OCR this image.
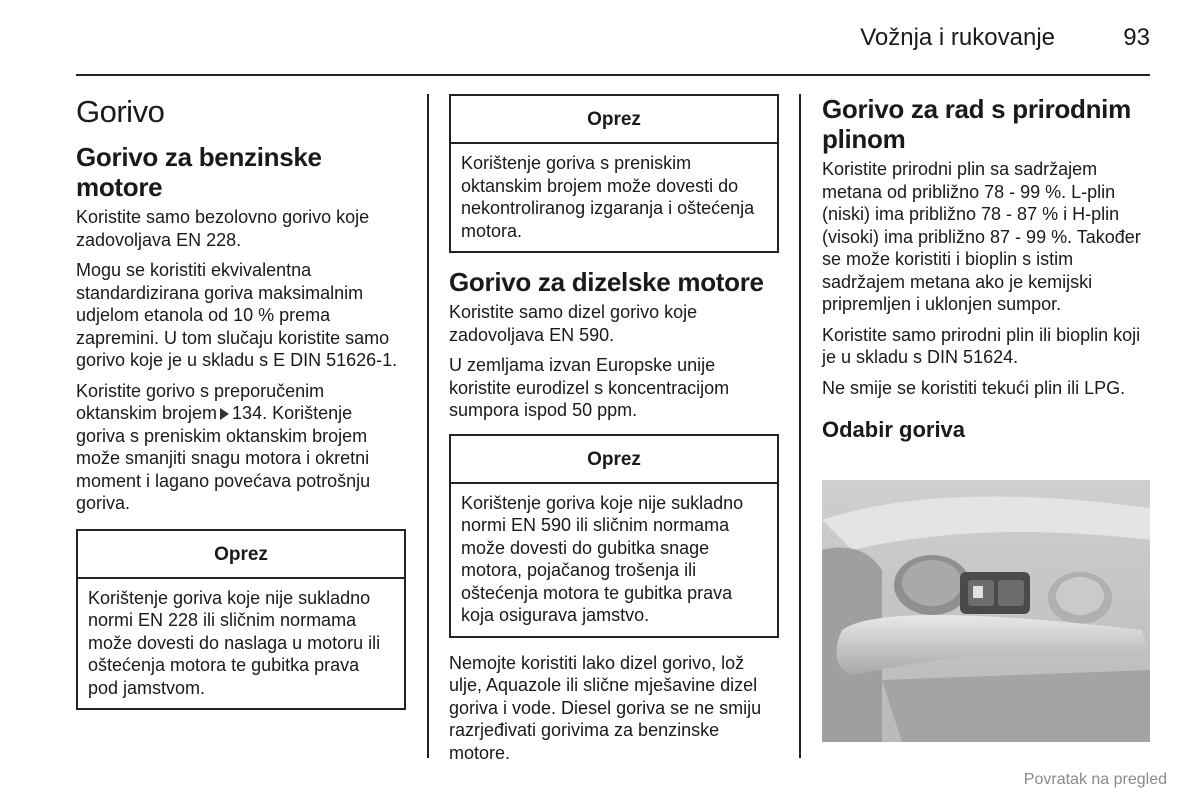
Vožnja i rukovanje	93
Gorivo
Gorivo za benzinske motore

Koristite samo bezolovno gorivo koje zadovoljava EN 228.

Mogu se koristiti ekvivalentna standardizirana goriva maksimalnim udjelom etanola od 10 % prema zapremini. U tom slučaju koristite samo gorivo koje je u skladu s E DIN 51626-1.

Koristite gorivo s preporučenim oktanskim brojem 134. Korištenje goriva s preniskim oktanskim brojem može smanjiti snagu motora i okretni moment i lagano povećava potrošnju goriva.

Oprez
Korištenje goriva koje nije sukladno normi EN 228 ili sličnim normama može dovesti do naslaga u motoru ili oštećenja motora te gubitka prava pod jamstvom.
Oprez
Korištenje goriva s preniskim oktanskim brojem može dovesti do nekontroliranog izgaranja i oštećenja motora.
Gorivo za dizelske motore

Koristite samo dizel gorivo koje zadovoljava EN 590.

U zemljama izvan Europske unije koristite eurodizel s koncentracijom sumpora ispod 50 ppm.

Oprez
Korištenje goriva koje nije sukladno normi EN 590 ili sličnim normama može dovesti do gubitka snage motora, pojačanog trošenja ili oštećenja motora te gubitka prava koja osigurava jamstvo.

Nemojte koristiti lako dizel gorivo, lož ulje, Aquazole ili slične mješavine dizel goriva i vode. Diesel goriva se ne smiju razrjeđivati gorivima za benzinske motore.

Gorivo za rad s prirodnim plinom

Koristite prirodni plin sa sadržajem metana od približno 78 - 99 %. L-plin (niski) ima približno 78 - 87 % i H-plin (visoki) ima približno 87 - 99 %. Također se može koristiti i bioplin s istim sadržajem metana ako je kemijski pripremljen i uklonjen sumpor.

Koristite samo prirodni plin ili bioplin koji je u skladu s DIN 51624.

Ne smije se koristiti tekući plin ili LPG.

Odabir goriva
Povratak na pregled
